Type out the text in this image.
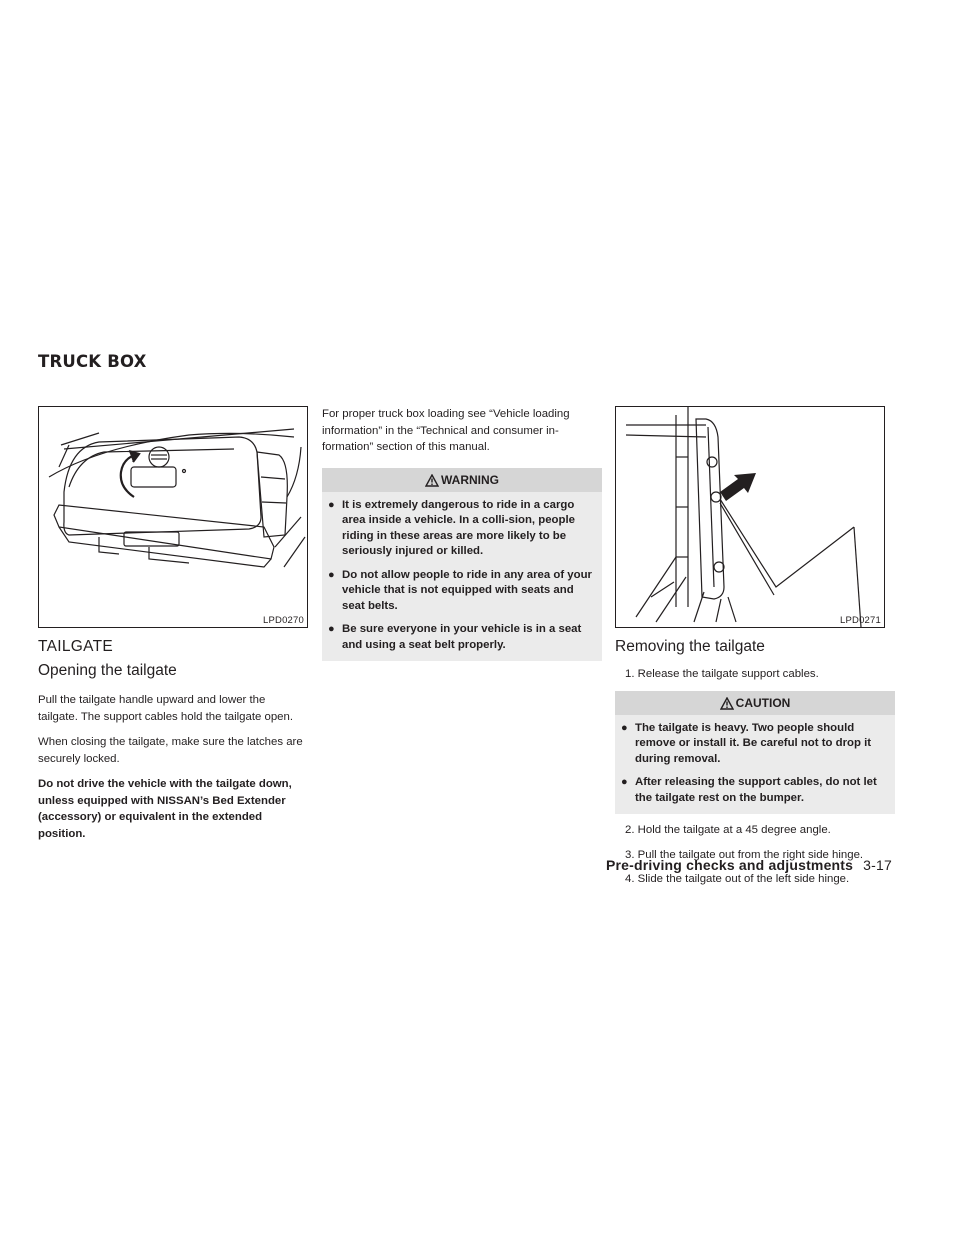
TRUCK BOX
LPD0270
TAILGATE
Opening the tailgate

Pull the tailgate handle upward and lower the tailgate. The support cables hold the tailgate open.

When closing the tailgate, make sure the latches are securely locked.

Do not drive the vehicle with the tailgate down, unless equipped with NISSAN’s Bed Extender (accessory) or equivalent in the extended position.

For proper truck box loading see “Vehicle loading information” in the “Technical and consumer in-formation” section of this manual.

WARNING
● It is extremely dangerous to ride in a cargo area inside a vehicle. In a colli-sion, people riding in these areas are more likely to be seriously injured or killed.
● Do not allow people to ride in any area of your vehicle that is not equipped with seats and seat belts.
● Be sure everyone in your vehicle is in a seat and using a seat belt properly.
LPD0271
Removing the tailgate
1. Release the tailgate support cables.
CAUTION
● The tailgate is heavy. Two people should remove or install it. Be careful not to drop it during removal.
● After releasing the support cables, do not let the tailgate rest on the bumper.
2. Hold the tailgate at a 45 degree angle.
3. Pull the tailgate out from the right side hinge.
4. Slide the tailgate out of the left side hinge.
Pre-driving checks and adjustments 3-17
